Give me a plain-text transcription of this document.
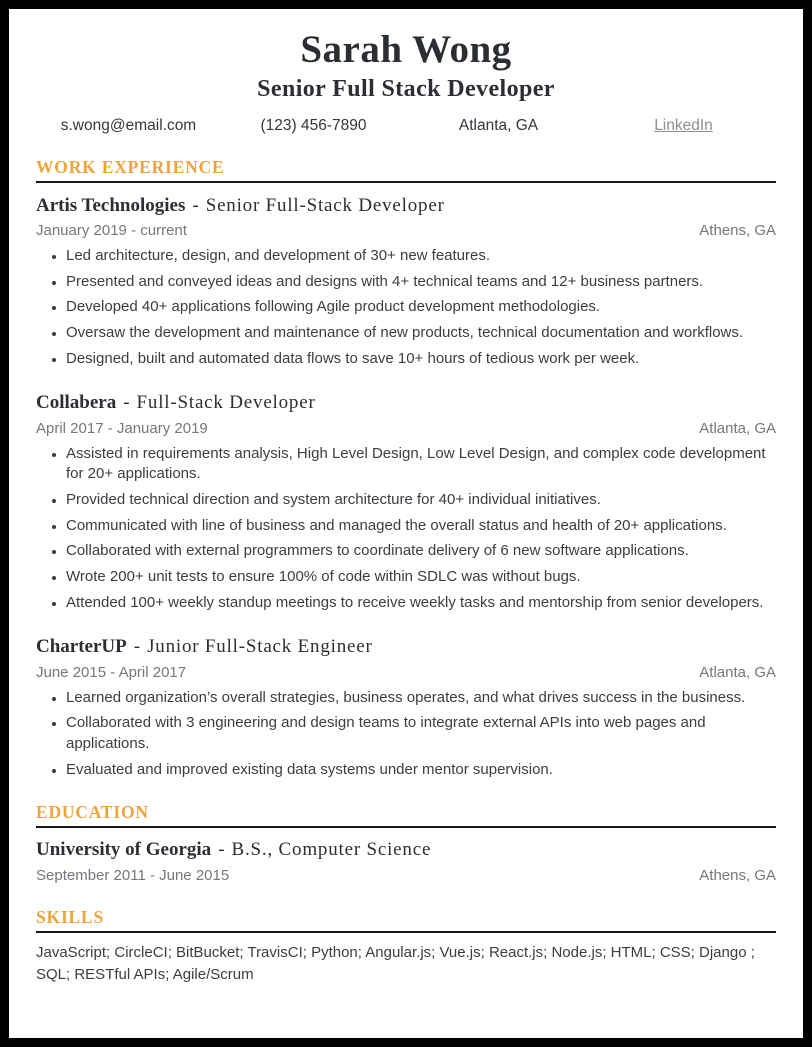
Sarah Wong
Senior Full Stack Developer
s.wong@email.com	(123) 456-7890	Atlanta, GA	LinkedIn
WORK EXPERIENCE
Artis Technologies - Senior Full-Stack Developer
January 2019 - current	Athens, GA
• Led architecture, design, and development of 30+ new features.
• Presented and conveyed ideas and designs with 4+ technical teams and 12+ business partners.
• Developed 40+ applications following Agile product development methodologies.
• Oversaw the development and maintenance of new products, technical documentation and workflows.
• Designed, built and automated data flows to save 10+ hours of tedious work per week.
Collabera - Full-Stack Developer
April 2017 - January 2019	Atlanta, GA
• Assisted in requirements analysis, High Level Design, Low Level Design, and complex code development for 20+ applications.
• Provided technical direction and system architecture for 40+ individual initiatives.
• Communicated with line of business and managed the overall status and health of 20+ applications.
• Collaborated with external programmers to coordinate delivery of 6 new software applications.
• Wrote 200+ unit tests to ensure 100% of code within SDLC was without bugs.
• Attended 100+ weekly standup meetings to receive weekly tasks and mentorship from senior developers.
CharterUP - Junior Full-Stack Engineer
June 2015 - April 2017	Atlanta, GA
• Learned organization’s overall strategies, business operates, and what drives success in the business.
• Collaborated with 3 engineering and design teams to integrate external APIs into web pages and applications.
• Evaluated and improved existing data systems under mentor supervision.
EDUCATION
University of Georgia - B.S., Computer Science
September 2011 - June 2015	Athens, GA
SKILLS

JavaScript; CircleCI; BitBucket; TravisCI; Python; Angular.js; Vue.js; React.js; Node.js; HTML; CSS; Django ; SQL; RESTful APIs; Agile/Scrum
